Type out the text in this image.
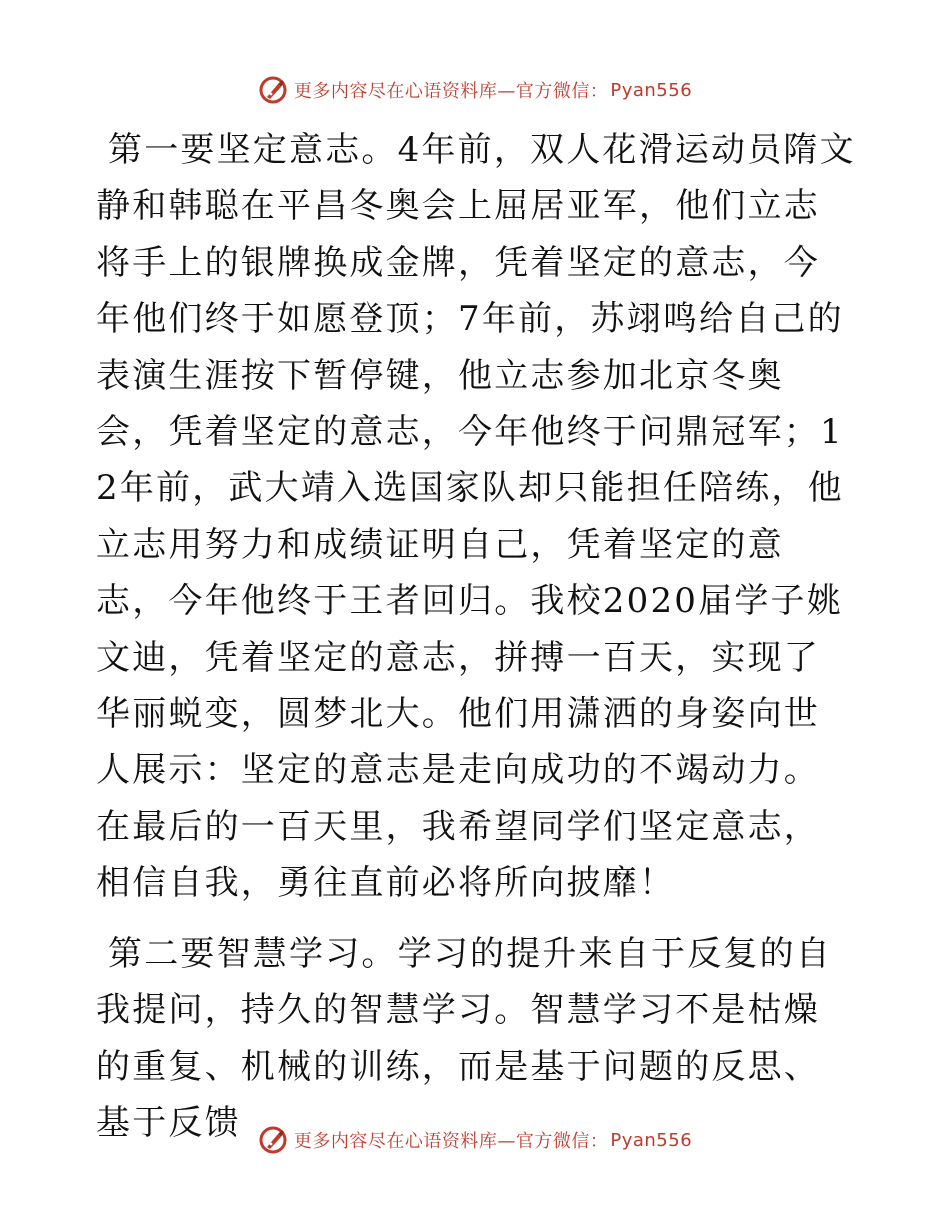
更多内容尽在心语资料库—官方微信： Pyan556

第一要坚定意志。4年前，双人花滑运动员隋文静和韩聪在平昌冬奥会上屈居亚军，他们立志将手上的银牌换成金牌，凭着坚定的意志，今年他们终于如愿登顶；7年前，苏翊鸣给自己的表演生涯按下暂停键，他立志参加北京冬奥会，凭着坚定的意志，今年他终于问鼎冠军；12年前，武大靖入选国家队却只能担任陪练，他立志用努力和成绩证明自己，凭着坚定的意志，今年他终于王者回归。我校2020届学子姚文迪，凭着坚定的意志，拼搏一百天，实现了华丽蜕变，圆梦北大。他们用潇洒的身姿向世人展示：坚定的意志是走向成功的不竭动力。在最后的一百天里，我希望同学们坚定意志，相信自我，勇往直前必将所向披靡！

第二要智慧学习。学习的提升来自于反复的自我提问，持久的智慧学习。智慧学习不是枯燥的重复、机械的训练，而是基于问题的反思、基于反馈	更多内容尽在心语资料库—官方微信： Pyan556
